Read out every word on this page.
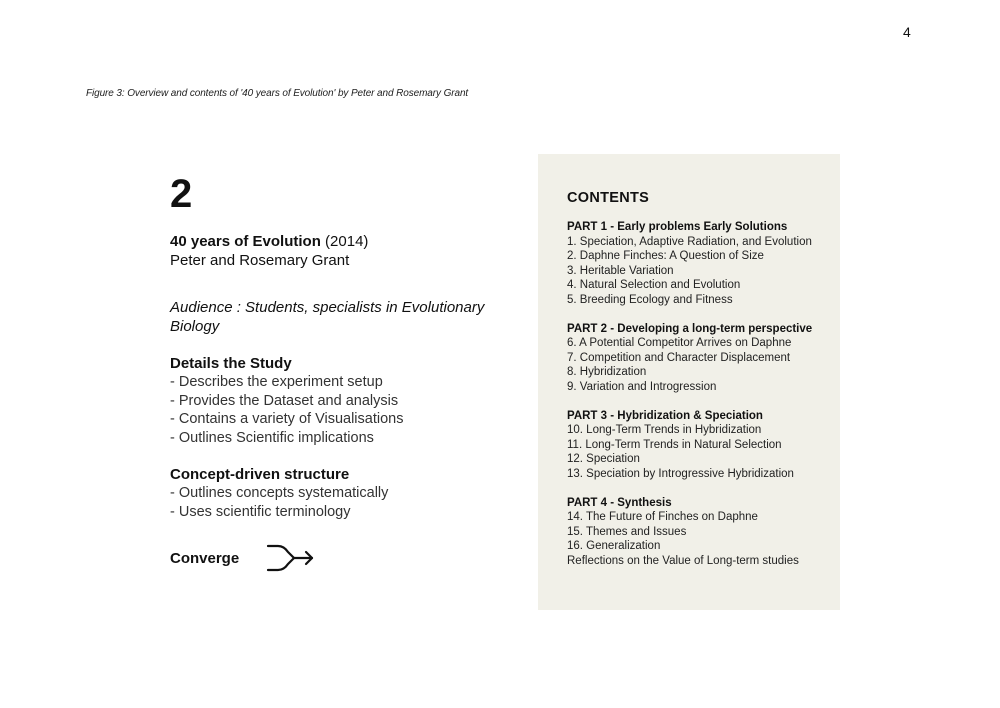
4
Figure 3: Overview and contents of '40 years of Evolution' by Peter and Rosemary Grant
2
40 years of Evolution (2014)
Peter and Rosemary Grant
Audience : Students, specialists in Evolutionary Biology
Details the Study
- Describes the experiment setup
- Provides the Dataset and analysis
- Contains a variety of Visualisations
- Outlines Scientific implications
Concept-driven structure
- Outlines concepts systematically
- Uses scientific terminology
Converge
CONTENTS
PART 1 - Early problems Early Solutions
1. Speciation, Adaptive Radiation, and Evolution
2. Daphne Finches: A Question of Size
3. Heritable Variation
4. Natural Selection and Evolution
5. Breeding Ecology and Fitness
PART 2 - Developing a long-term perspective
6. A Potential Competitor Arrives on Daphne
7. Competition and Character Displacement
8. Hybridization
9. Variation and Introgression
PART 3 - Hybridization & Speciation
10. Long-Term Trends in Hybridization
11. Long-Term Trends in Natural Selection
12. Speciation
13. Speciation by Introgressive Hybridization
PART 4 - Synthesis
14. The Future of Finches on Daphne
15. Themes and Issues
16. Generalization
Reflections on the Value of Long-term studies
